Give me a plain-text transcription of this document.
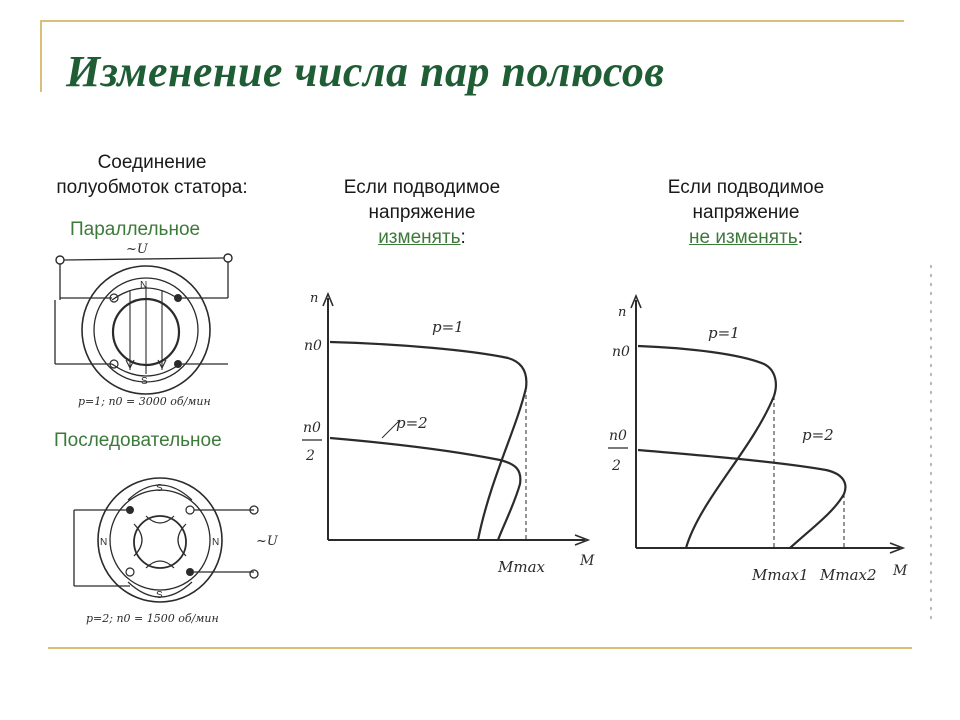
Изменение числа пар полюсов
Соединение
полуобмоток статора:
Параллельное
Последовательное
Если подводимое
напряжение
изменять:
Если подводимое
напряжение
не изменять:
~U
N
S
p=1; n0 = 3000 об/мин
~U
S
S
N	N
p=2; n0 = 1500 об/мин
n
M
n0
n0
2
p=1
p=2
Mmax
n
M
n0
n0
2
p=1
p=2
Mmax1 Mmax2
